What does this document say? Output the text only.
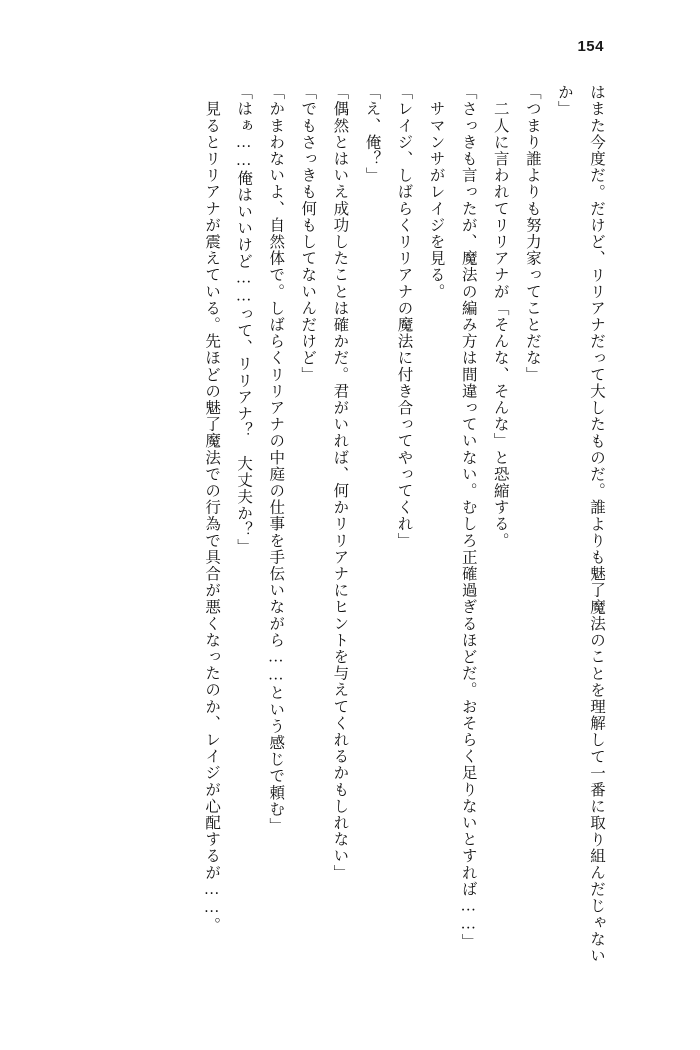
154

はまた今度だ。だけど、リリアナだって大したものだ。誰よりも魅了魔法のことを理解して一番に取り組んだじゃないか」

「つまり誰よりも努力家ってことだな」

　二人に言われてリリアナが「そんな、そんな」と恐縮する。

「さっきも言ったが、魔法の編み方は間違っていない。むしろ正確過ぎるほどだ。おそらく足りないとすれば……」

　サマンサがレイジを見る。

「レイジ、しばらくリリアナの魔法に付き合ってやってくれ」

「え、俺？」

「偶然とはいえ成功したことは確かだ。君がいれば、何かリリアナにヒントを与えてくれるかもしれない」

「でもさっきも何もしてないんだけど」

「かまわないよ、自然体で。しばらくリリアナの中庭の仕事を手伝いながら……という感じで頼む」

「はぁ……俺はいいけど……って、リリアナ？　大丈夫か？」

　見るとリリアナが震えている。先ほどの魅了魔法での行為で具合が悪くなったのか、レイジが心配するが……。
